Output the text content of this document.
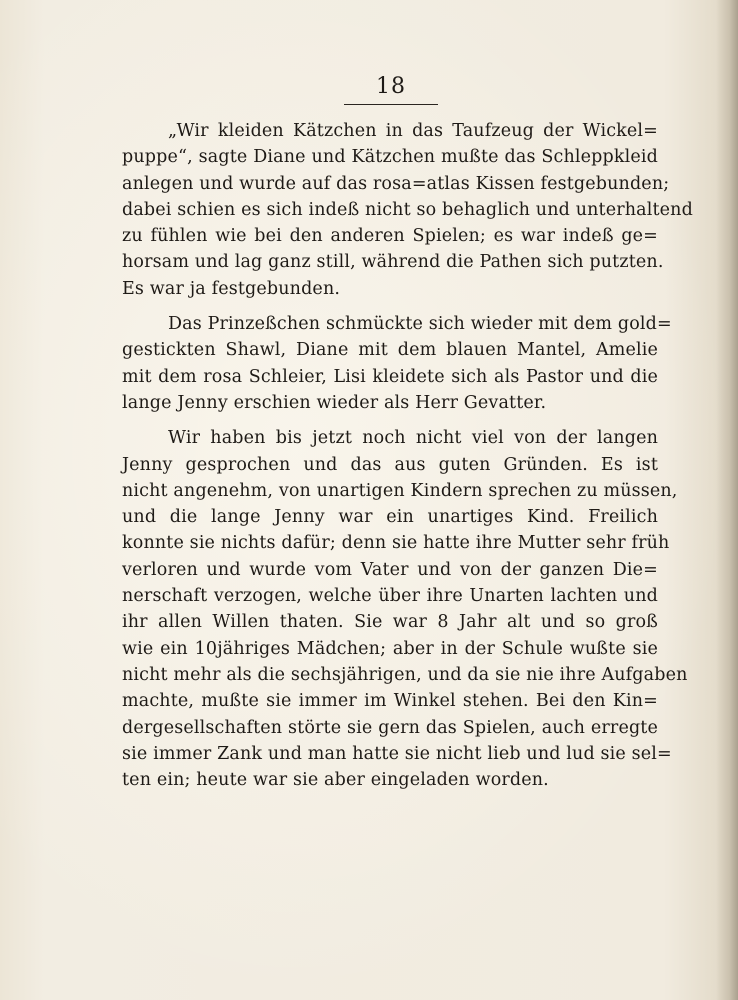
18

„Wir kleiden Kätzchen in das Taufzeug der Wickel=
puppe“, sagte Diane und Kätzchen mußte das Schleppkleid
anlegen und wurde auf das rosa=atlas Kissen festgebunden;
dabei schien es sich indeß nicht so behaglich und unterhaltend
zu fühlen wie bei den anderen Spielen; es war indeß ge=
horsam und lag ganz still, während die Pathen sich putzten.
Es war ja festgebunden.

Das Prinzeßchen schmückte sich wieder mit dem gold=
gestickten Shawl, Diane mit dem blauen Mantel, Amelie
mit dem rosa Schleier, Lisi kleidete sich als Pastor und die
lange Jenny erschien wieder als Herr Gevatter.

Wir haben bis jetzt noch nicht viel von der langen
Jenny gesprochen und das aus guten Gründen. Es ist
nicht angenehm, von unartigen Kindern sprechen zu müssen,
und die lange Jenny war ein unartiges Kind. Freilich
konnte sie nichts dafür; denn sie hatte ihre Mutter sehr früh
verloren und wurde vom Vater und von der ganzen Die=
nerschaft verzogen, welche über ihre Unarten lachten und
ihr allen Willen thaten. Sie war 8 Jahr alt und so groß
wie ein 10jähriges Mädchen; aber in der Schule wußte sie
nicht mehr als die sechsjährigen, und da sie nie ihre Aufgaben
machte, mußte sie immer im Winkel stehen. Bei den Kin=
dergesellschaften störte sie gern das Spielen, auch erregte
sie immer Zank und man hatte sie nicht lieb und lud sie sel=
ten ein; heute war sie aber eingeladen worden.
